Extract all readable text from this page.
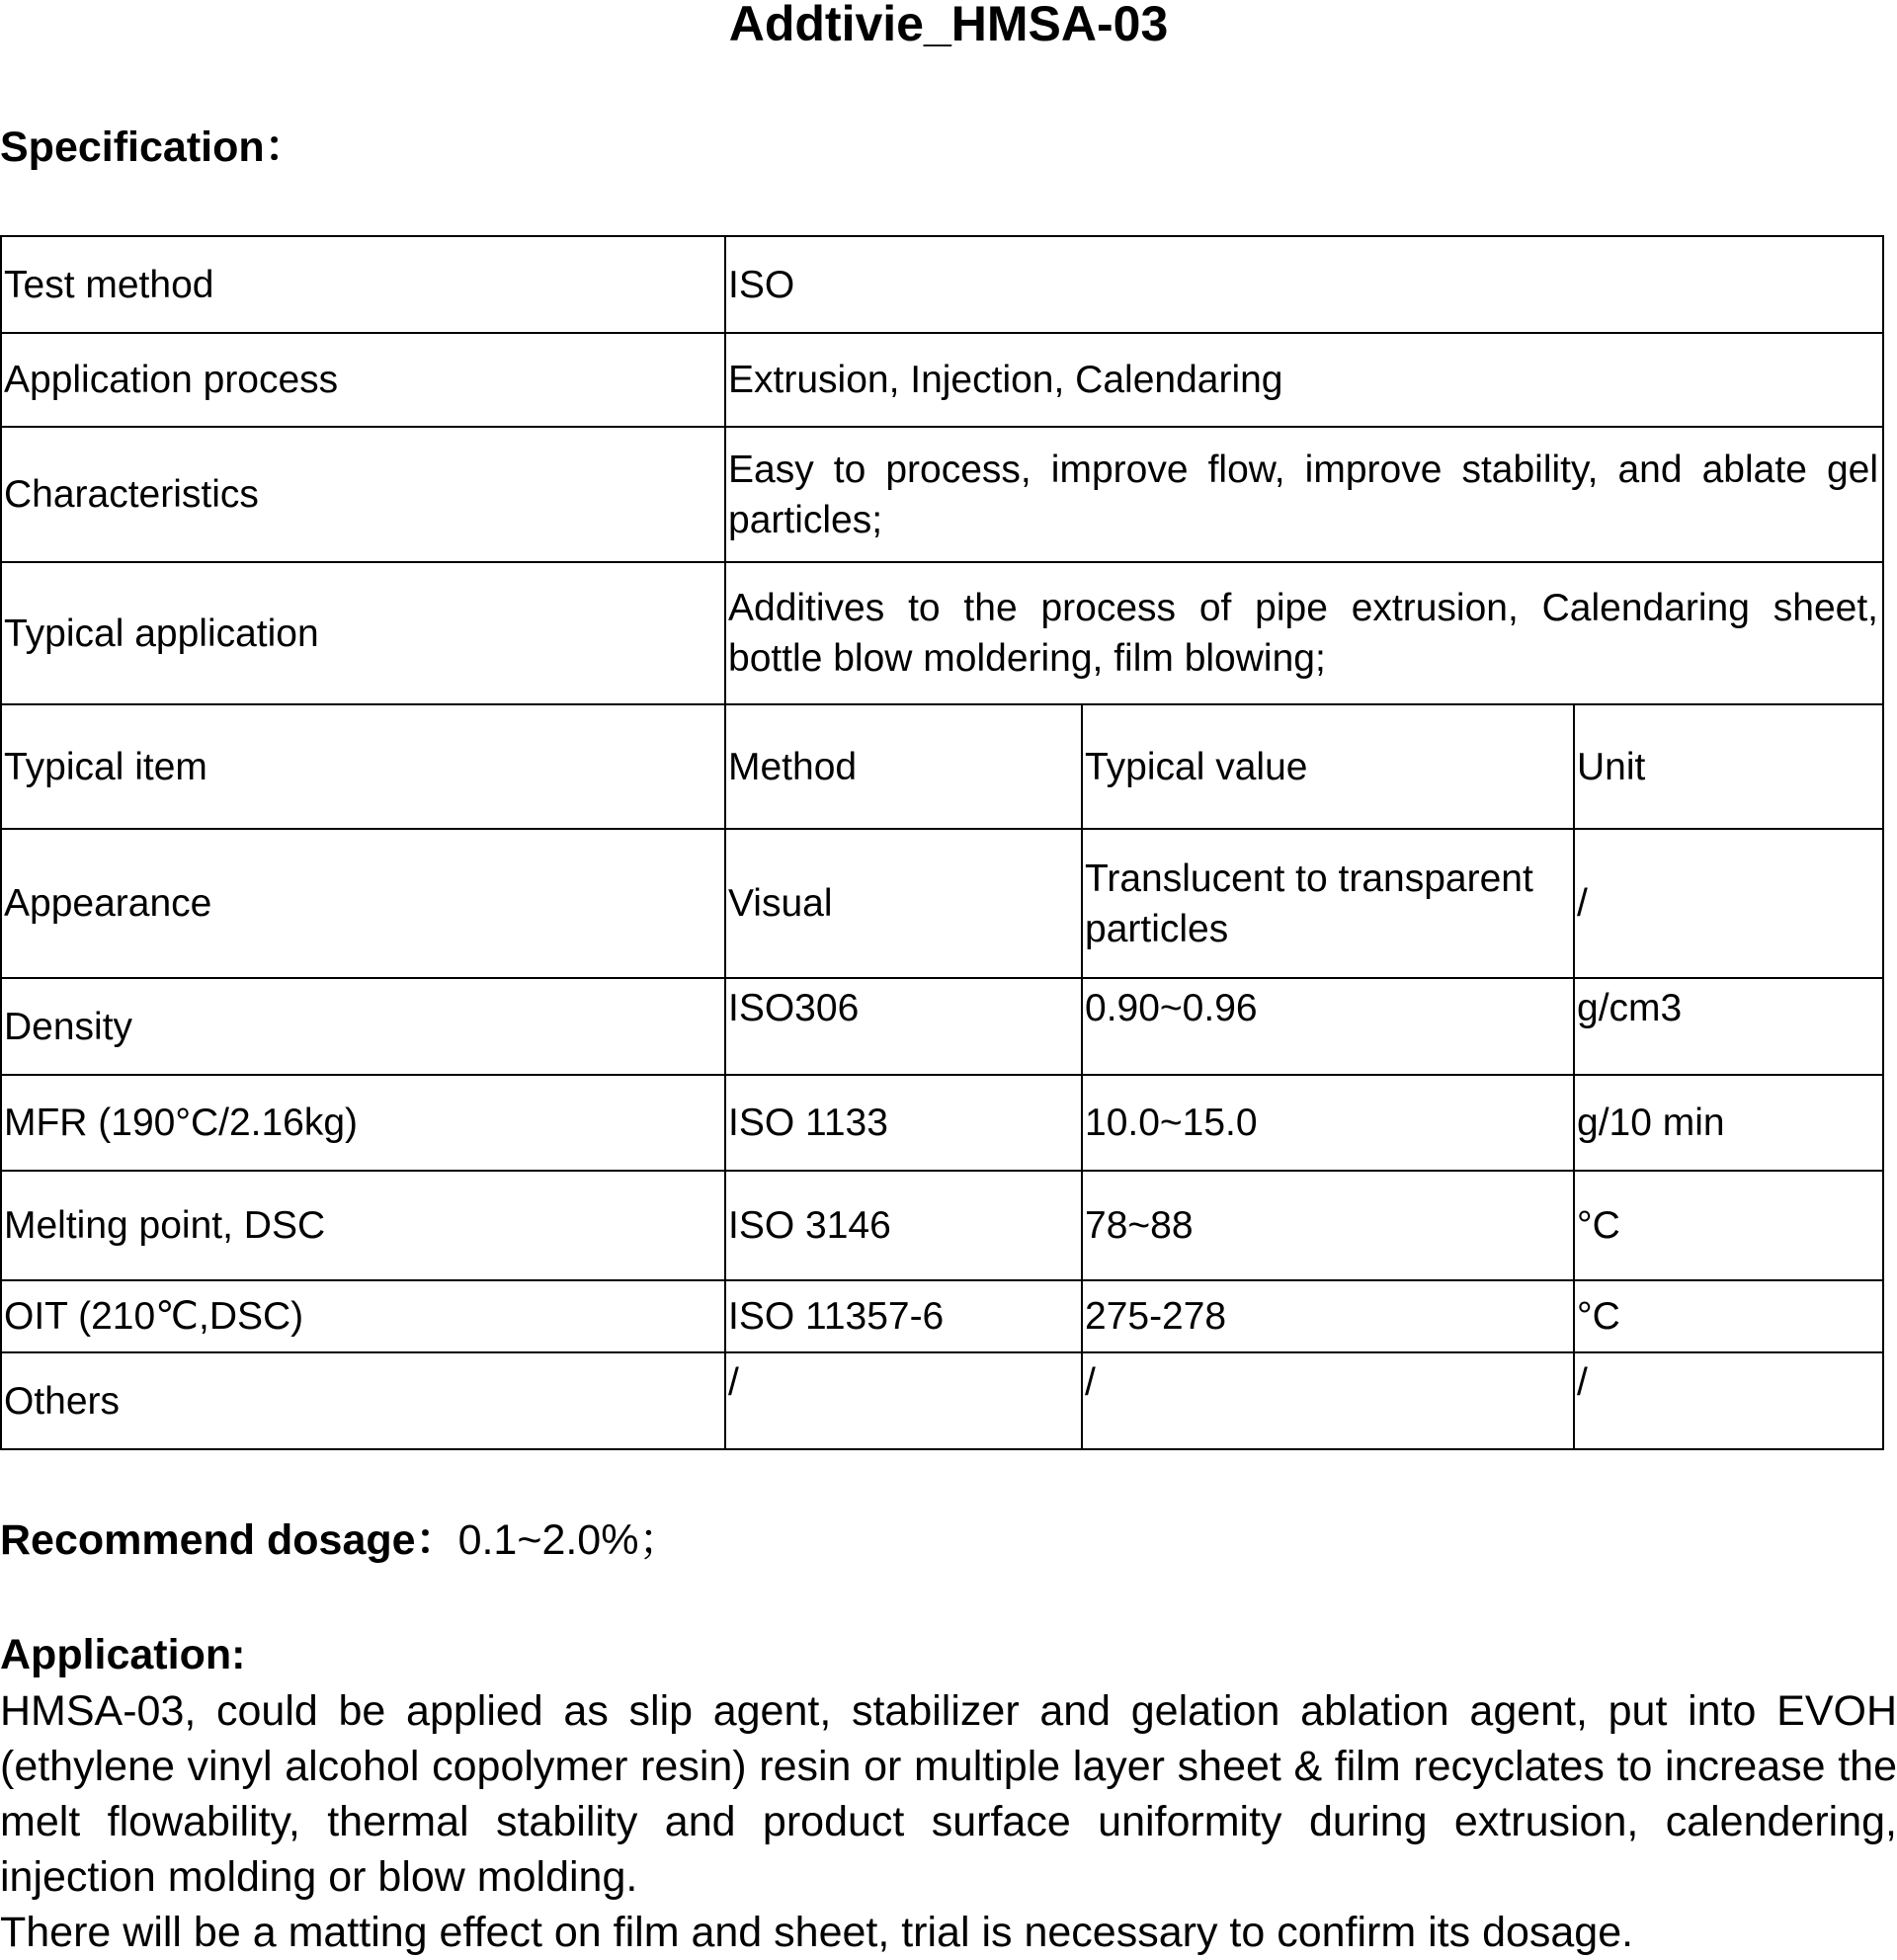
Addtivie_HMSA-03
Specification：
Test method	ISO		
Application process	Extrusion, Injection, Calendaring		
Characteristics	Easy to process, improve flow, improve stability, and ablate gel particles;		
Typical application	Additives to the process of pipe extrusion, Calendaring sheet, bottle blow moldering, film blowing;		
Typical item	Method	Typical value	Unit
Appearance	Visual	Translucent to transparent particles	/
Density	ISO306	0.90~0.96	g/cm3
MFR (190°C/2.16kg)	ISO 1133	10.0~15.0	g/10 min
Melting point, DSC	ISO 3146	78~88	°C
OIT (210℃,DSC)	ISO 11357-6	275-278	°C
Others	/	/	/

Recommend dosage：0.1~2.0%；

Application:

HMSA-03, could be applied as slip agent, stabilizer and gelation ablation agent, put into EVOH (ethylene vinyl alcohol copolymer resin) resin or multiple layer sheet & film recyclates to increase the melt flowability, thermal stability and product surface uniformity during extrusion, calendering, injection molding or blow molding.

There will be a matting effect on film and sheet, trial is necessary to confirm its dosage.
